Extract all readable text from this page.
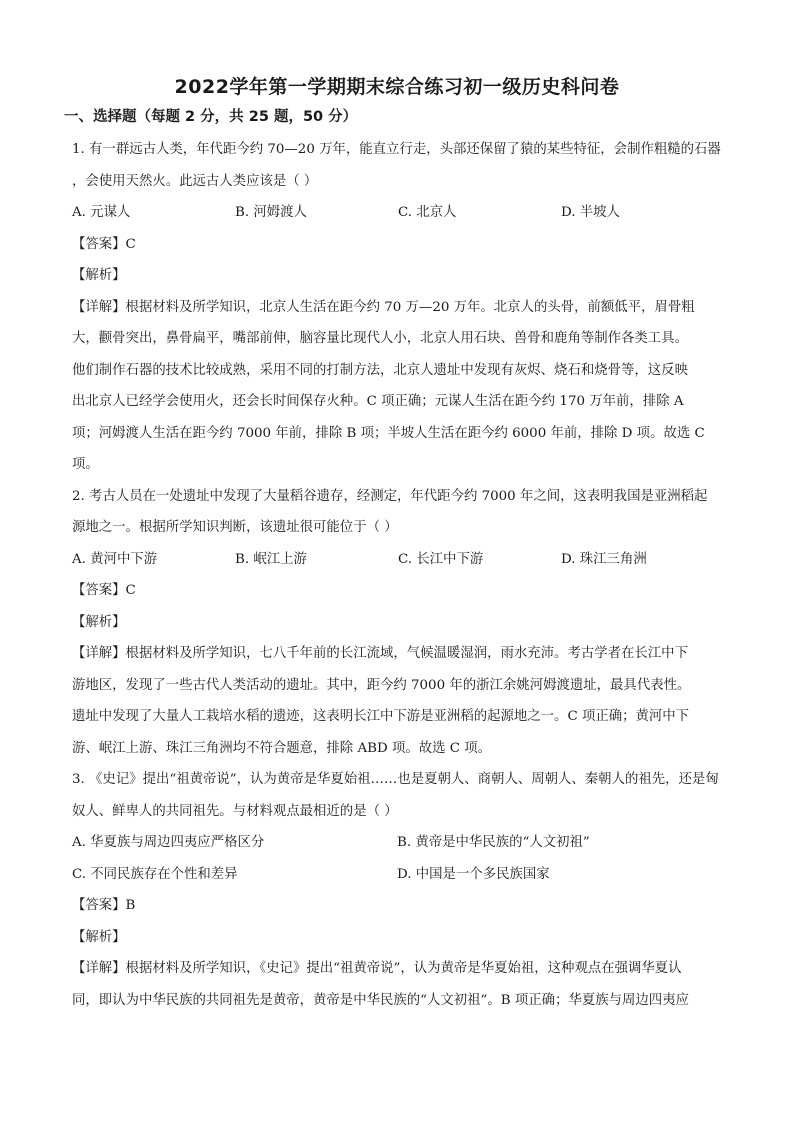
2022学年第一学期期末综合练习初一级历史科问卷
一、选择题（每题 2 分，共 25 题，50 分）
1. 有一群远古人类，年代距今约 70—20 万年，能直立行走，头部还保留了猿的某些特征，会制作粗糙的石器
，会使用天然火。此远古人类应该是（ ）
A. 元谋人	B. 河姆渡人	C. 北京人	D. 半坡人
【答案】C
【解析】
【详解】根据材料及所学知识，北京人生活在距今约 70 万—20 万年。北京人的头骨，前额低平，眉骨粗
大，颧骨突出，鼻骨扁平，嘴部前伸，脑容量比现代人小，北京人用石块、兽骨和鹿角等制作各类工具。
他们制作石器的技术比较成熟，采用不同的打制方法，北京人遗址中发现有灰烬、烧石和烧骨等，这反映
出北京人已经学会使用火，还会长时间保存火种。C 项正确；元谋人生活在距今约 170 万年前，排除 A
项；河姆渡人生活在距今约 7000 年前，排除 B 项；半坡人生活在距今约 6000 年前，排除 D 项。故选 C
项。
2. 考古人员在一处遗址中发现了大量稻谷遗存，经测定，年代距今约 7000 年之间，这表明我国是亚洲稻起
源地之一。根据所学知识判断，该遗址很可能位于（ ）
A. 黄河中下游	B. 岷江上游	C. 长江中下游	D. 珠江三角洲
【答案】C
【解析】
【详解】根据材料及所学知识，七八千年前的长江流域，气候温暖湿润，雨水充沛。考古学者在长江中下
游地区，发现了一些古代人类活动的遗址。其中，距今约 7000 年的浙江余姚河姆渡遗址，最具代表性。
遗址中发现了大量人工栽培水稻的遗迹，这表明长江中下游是亚洲稻的起源地之一。C 项正确；黄河中下
游、岷江上游、珠江三角洲均不符合题意，排除 ABD 项。故选 C 项。
3. 《史记》提出“祖黄帝说”，认为黄帝是华夏始祖……也是夏朝人、商朝人、周朝人、秦朝人的祖先，还是匈
奴人、鲜卑人的共同祖先。与材料观点最相近的是（ ）
A. 华夏族与周边四夷应严格区分	B. 黄帝是中华民族的“人文初祖”
C. 不同民族存在个性和差异	D. 中国是一个多民族国家
【答案】B
【解析】
【详解】根据材料及所学知识，《史记》提出“祖黄帝说”，认为黄帝是华夏始祖，这种观点在强调华夏认
同，即认为中华民族的共同祖先是黄帝，黄帝是中华民族的“人文初祖”。B 项正确；华夏族与周边四夷应
